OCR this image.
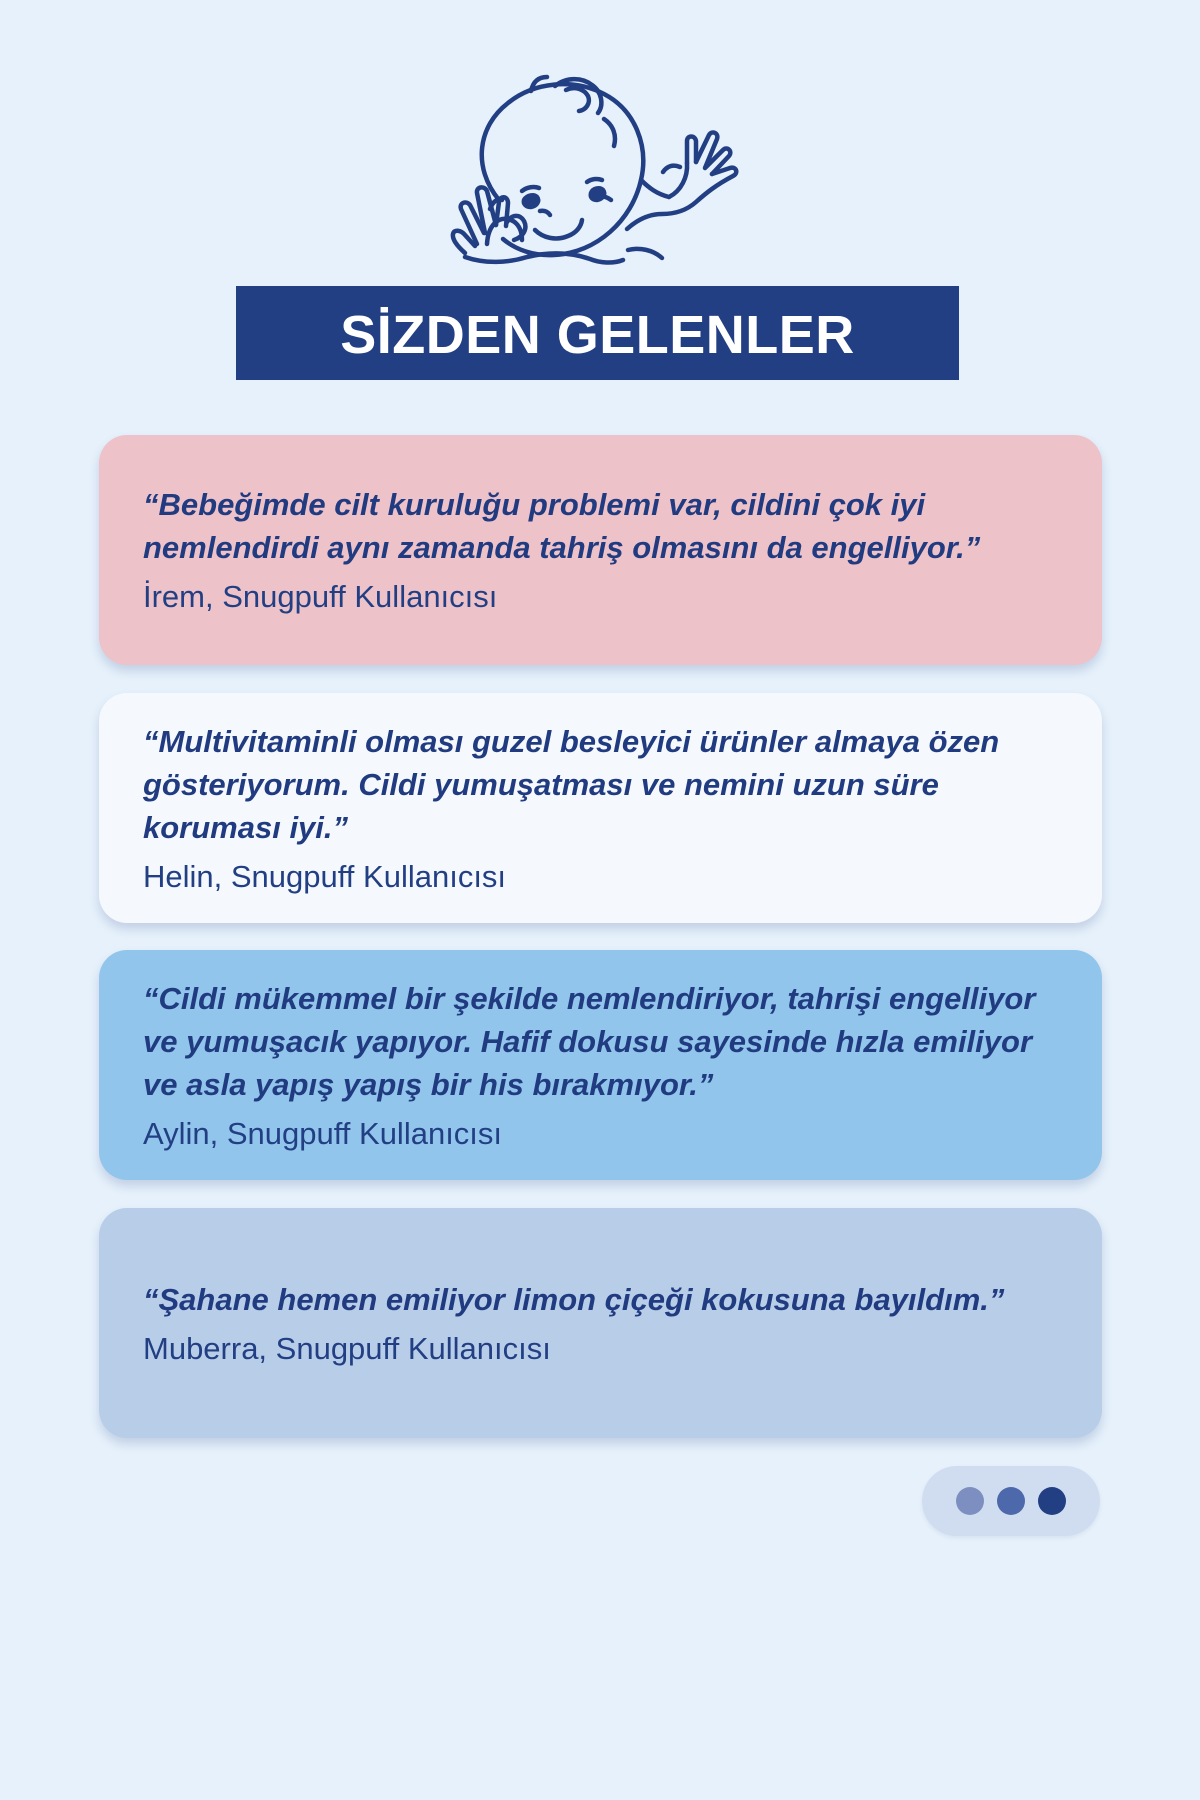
SİZDEN GELENLER

“Bebeğimde cilt kuruluğu problemi var, cildini çok iyi nemlendirdi aynı zamanda tahriş olmasını da engelliyor.”

İrem, Snugpuff Kullanıcısı

“Multivitaminli olması guzel besleyici ürünler almaya özen gösteriyorum. Cildi yumuşatması ve nemini uzun süre koruması iyi.”

Helin, Snugpuff Kullanıcısı

“Cildi mükemmel bir şekilde nemlendiriyor, tahrişi engelliyor ve yumuşacık yapıyor. Hafif dokusu sayesinde hızla emiliyor ve asla yapış yapış bir his bırakmıyor.”

Aylin, Snugpuff Kullanıcısı

“Şahane hemen emiliyor limon çiçeği kokusuna bayıldım.”

Muberra, Snugpuff Kullanıcısı
